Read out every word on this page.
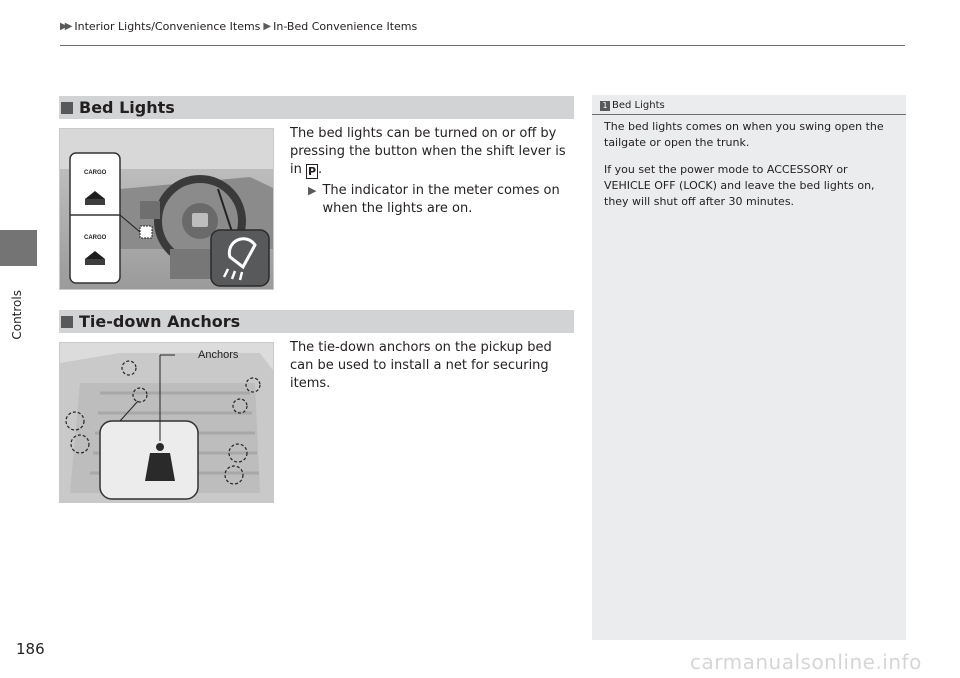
▶▶ Interior Lights/Convenience Items ▶ In-Bed Convenience Items
Controls
186
Bed Lights
CARGO
CARGO
The bed lights can be turned on or off by pressing the button when the shift lever is in P .
▶ The indicator in the meter comes on when the lights are on.
Tie-down Anchors
Anchors	The tie-down anchors on the pickup bed can be used to install a net for securing items.
1 Bed Lights

The bed lights comes on when you swing open the tailgate or open the trunk.

If you set the power mode to ACCESSORY or VEHICLE OFF (LOCK) and leave the bed lights on, they will shut off after 30 minutes.

carmanualsonline.info
